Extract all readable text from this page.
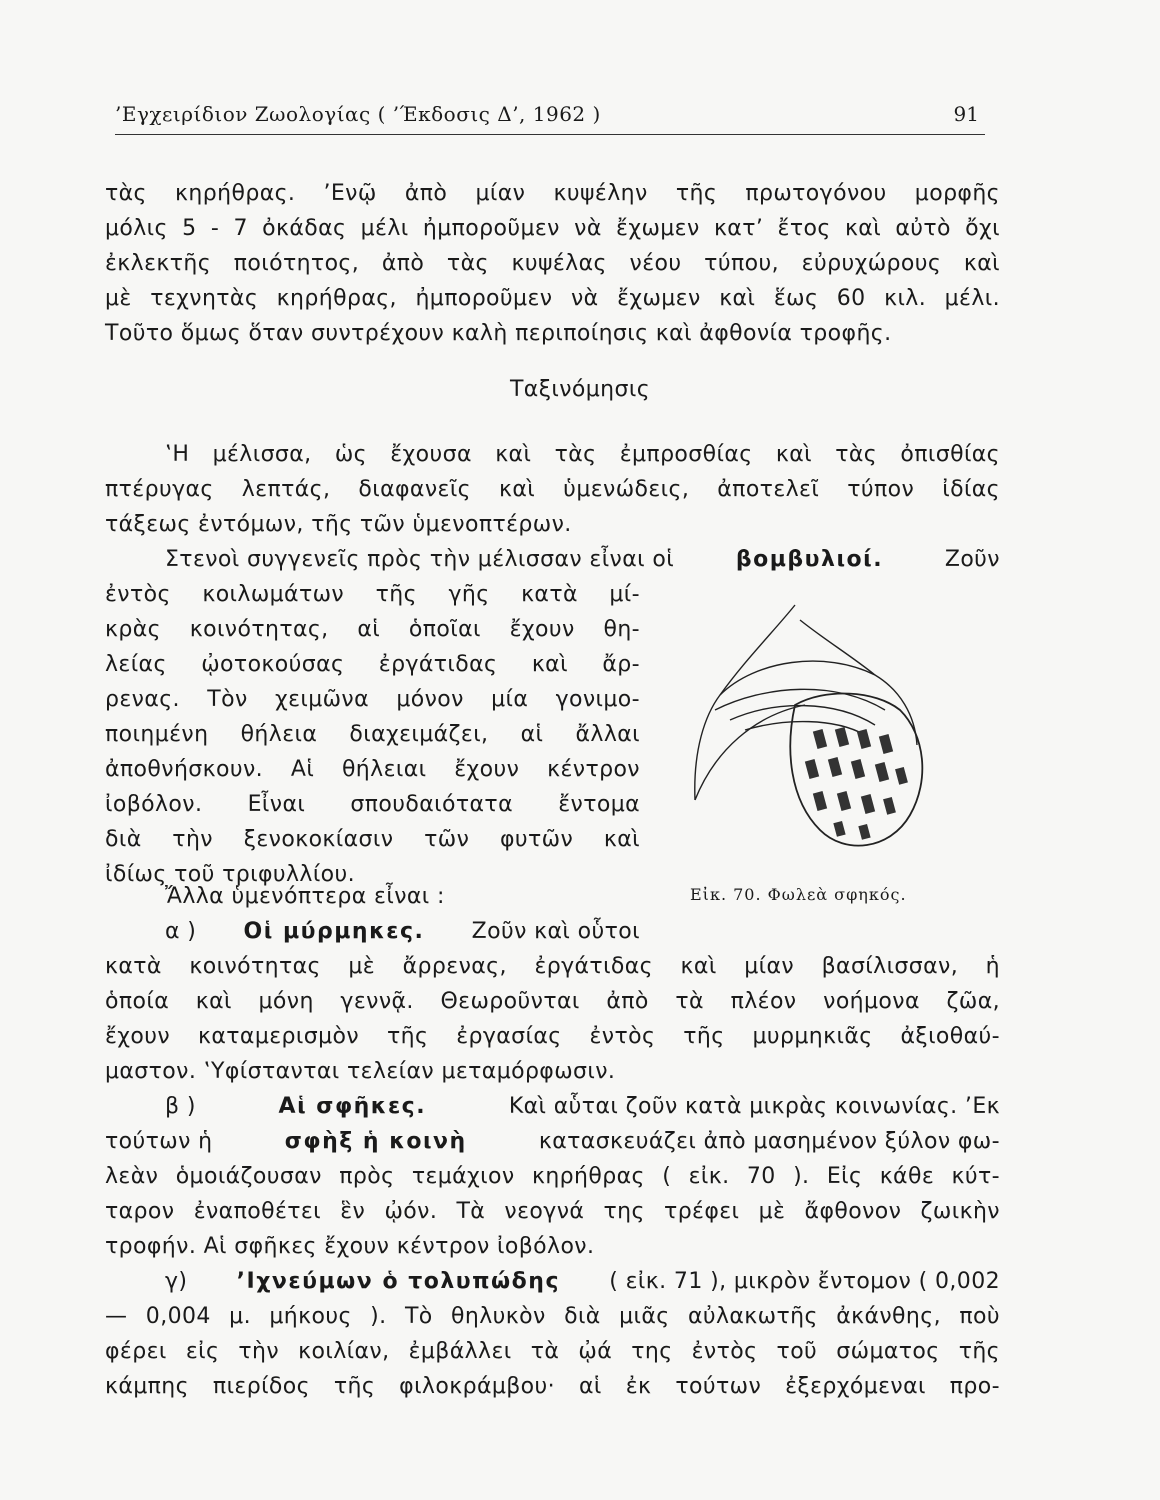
’Εγχειρίδιον Ζωολογίας ( ’Έκδοσις Δ’, 1962 )	91
τὰς κηρήθρας. ’Ενῷ ἀπὸ μίαν κυψέλην τῆς πρωτογόνου μορφῆς
μόλις 5 - 7 ὀκάδας μέλι ἠμποροῦμεν νὰ ἔχωμεν κατ’ ἔτος καὶ αὐτὸ ὄχι
ἐκλεκτῆς ποιότητος, ἀπὸ τὰς κυψέλας νέου τύπου, εὐρυχώρους καὶ
μὲ τεχνητὰς κηρήθρας, ἠμποροῦμεν νὰ ἔχωμεν καὶ ἕως 60 κιλ. μέλι.
Τοῦτο ὅμως ὅταν συντρέχουν καλὴ περιποίησις καὶ ἀφθονία τροφῆς.
Ταξινόμησις
‛Η μέλισσα, ὡς ἔχουσα καὶ τὰς ἐμπροσθίας καὶ τὰς ὀπισθίας
πτέρυγας λεπτάς, διαφανεῖς καὶ ὑμενώδεις, ἀποτελεῖ τύπον ἰδίας
τάξεως ἐντόμων, τῆς τῶν ὑμενοπτέρων.
Στενοὶ συγγενεῖς πρὸς τὴν μέλισσαν εἶναι οἱ	βομβυλιοί.	Ζοῦν
ἐντὸς κοιλωμάτων τῆς γῆς κατὰ μί-
κρὰς κοινότητας, αἱ ὁποῖαι ἔχουν θη-
λείας ᾠοτοκούσας ἐργάτιδας καὶ ἄρ-
ρενας. Τὸν χειμῶνα μόνον μία γονιμο-
ποιημένη θήλεια διαχειμάζει, αἱ ἄλλαι
ἀποθνήσκουν. Αἱ θήλειαι ἔχουν κέντρον
ἰοβόλον. Εἶναι σπουδαιότατα ἔντομα
διὰ τὴν ξενοκοκίασιν τῶν φυτῶν καὶ
ἰδίως τοῦ τριφυλλίου.
Ἄλλα ὑμενόπτερα εἶναι :	Εἰκ. 70. Φωλεὰ σφηκός.
α ) Οἱ μύρμηκες. Ζοῦν καὶ οὗτοι
κατὰ κοινότητας μὲ ἄρρενας, ἐργάτιδας καὶ μίαν βασίλισσαν, ἡ
ὁποία καὶ μόνη γεννᾷ. Θεωροῦνται ἀπὸ τὰ πλέον νοήμονα ζῶα,
ἔχουν καταμερισμὸν τῆς ἐργασίας ἐντὸς τῆς μυρμηκιᾶς ἀξιοθαύ-
μαστον. ‛Υφίστανται τελείαν μεταμόρφωσιν.
β )	Αἱ σφῆκες.	Καὶ αὗται ζοῦν κατὰ μικρὰς κοινωνίας. ’Εκ
τούτων ἡ	σφὴξ ἡ κοινὴ	κατασκευάζει ἀπὸ μασημένον ξύλον φω-
λεὰν ὁμοιάζουσαν πρὸς τεμάχιον κηρήθρας ( εἰκ. 70 ). Εἰς κάθε κύτ-
ταρον ἐναποθέτει ἓν ᾠόν. Τὰ νεογνά της τρέφει μὲ ἄφθονον ζωικὴν
τροφήν. Αἱ σφῆκες ἔχουν κέντρον ἰοβόλον.
γ) ’Ιχνεύμων ὁ τολυπώδης ( εἰκ. 71 ), μικρὸν ἔντομον ( 0,002
— 0,004 μ. μήκους ). Τὸ θηλυκὸν διὰ μιᾶς αὐλακωτῆς ἀκάνθης, ποὺ
φέρει εἰς τὴν κοιλίαν, ἐμβάλλει τὰ ᾠά της ἐντὸς τοῦ σώματος τῆς
κάμπης πιερίδος τῆς φιλοκράμβου· αἱ ἐκ τούτων ἐξερχόμεναι προ-
